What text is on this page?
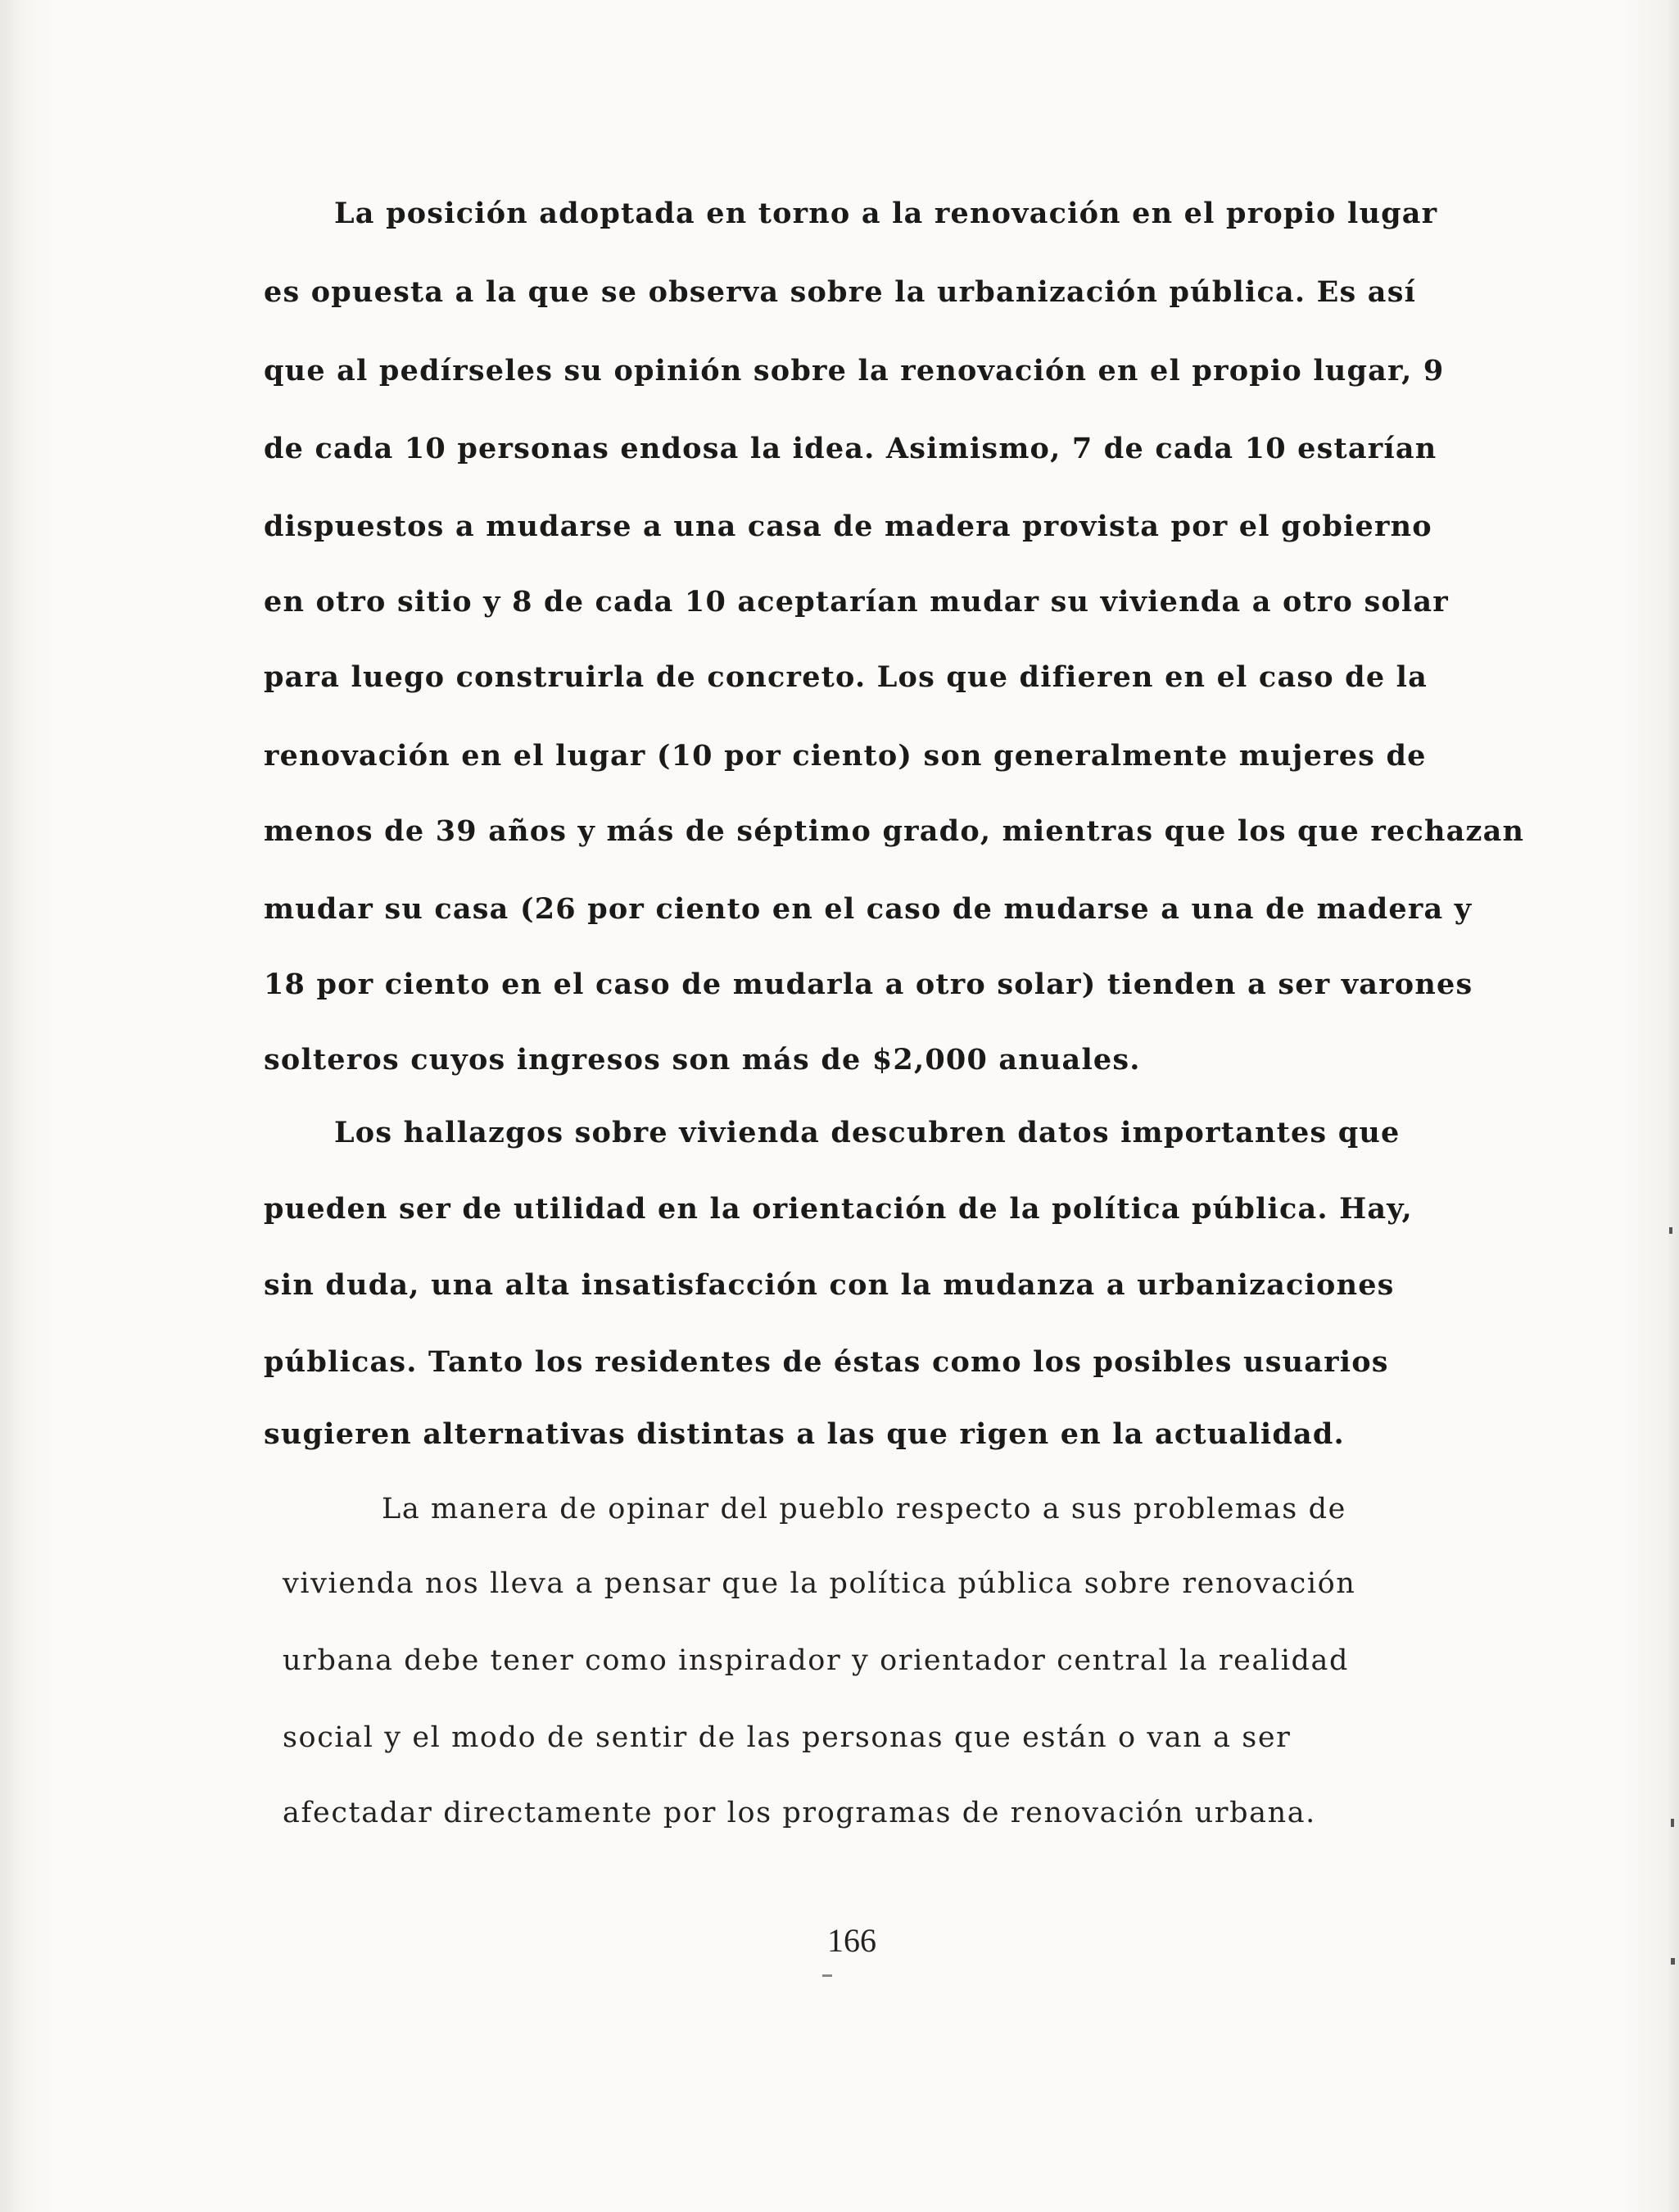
La posición adoptada en torno a la renovación en el propio lugar

es opuesta a la que se observa sobre la urbanización pública. Es así

que al pedírseles su opinión sobre la renovación en el propio lugar, 9

de cada 10 personas endosa la idea. Asimismo, 7 de cada 10 estarían

dispuestos a mudarse a una casa de madera provista por el gobierno

en otro sitio y 8 de cada 10 aceptarían mudar su vivienda a otro solar

para luego construirla de concreto. Los que difieren en el caso de la

renovación en el lugar (10 por ciento) son generalmente mujeres de

menos de 39 años y más de séptimo grado, mientras que los que rechazan

mudar su casa (26 por ciento en el caso de mudarse a una de madera y

18 por ciento en el caso de mudarla a otro solar) tienden a ser varones

solteros cuyos ingresos son más de $2,000 anuales.

Los hallazgos sobre vivienda descubren datos importantes que

pueden ser de utilidad en la orientación de la política pública. Hay,

sin duda, una alta insatisfacción con la mudanza a urbanizaciones

públicas. Tanto los residentes de éstas como los posibles usuarios

sugieren alternativas distintas a las que rigen en la actualidad.

La manera de opinar del pueblo respecto a sus problemas de

vivienda nos lleva a pensar que la política pública sobre renovación

urbana debe tener como inspirador y orientador central la realidad

social y el modo de sentir de las personas que están o van a ser

afectadar directamente por los programas de renovación urbana.

166
